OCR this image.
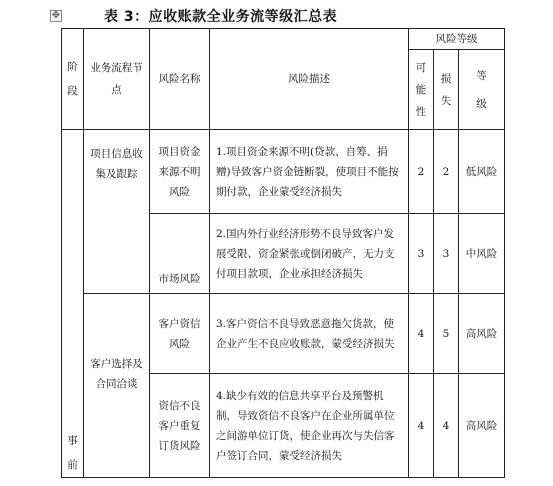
✥	表 3：应收账款全业务流等级汇总表
阶段	业务流程节点	风险名称	风险描述	风险等级		

				可能性	损失	等级

事前	项目信息收集及跟踪	项目资金来源不明风险	1.项目资金来源不明(贷款、自筹、捐赠)导致客户资金链断裂，使项目不能按期付款，企业蒙受经济损失	2	2	低风险
		市场风险	2.国内外行业经济形势不良导致客户发展受限、资金紧张或倒闭破产，无力支付项目款项，企业承担经济损失	3	3	中风险

	客户选择及合同洽谈	客户资信风险	3.客户资信不良导致恶意拖欠货款，使企业产生不良应收账款，蒙受经济损失	4	5	高风险
		资信不良客户重复订货风险	4.缺少有效的信息共享平台及预警机制，导致资信不良客户在企业所属单位之间游单位订货，使企业再次与失信客户签订合同，蒙受经济损失	4	4	高风险
